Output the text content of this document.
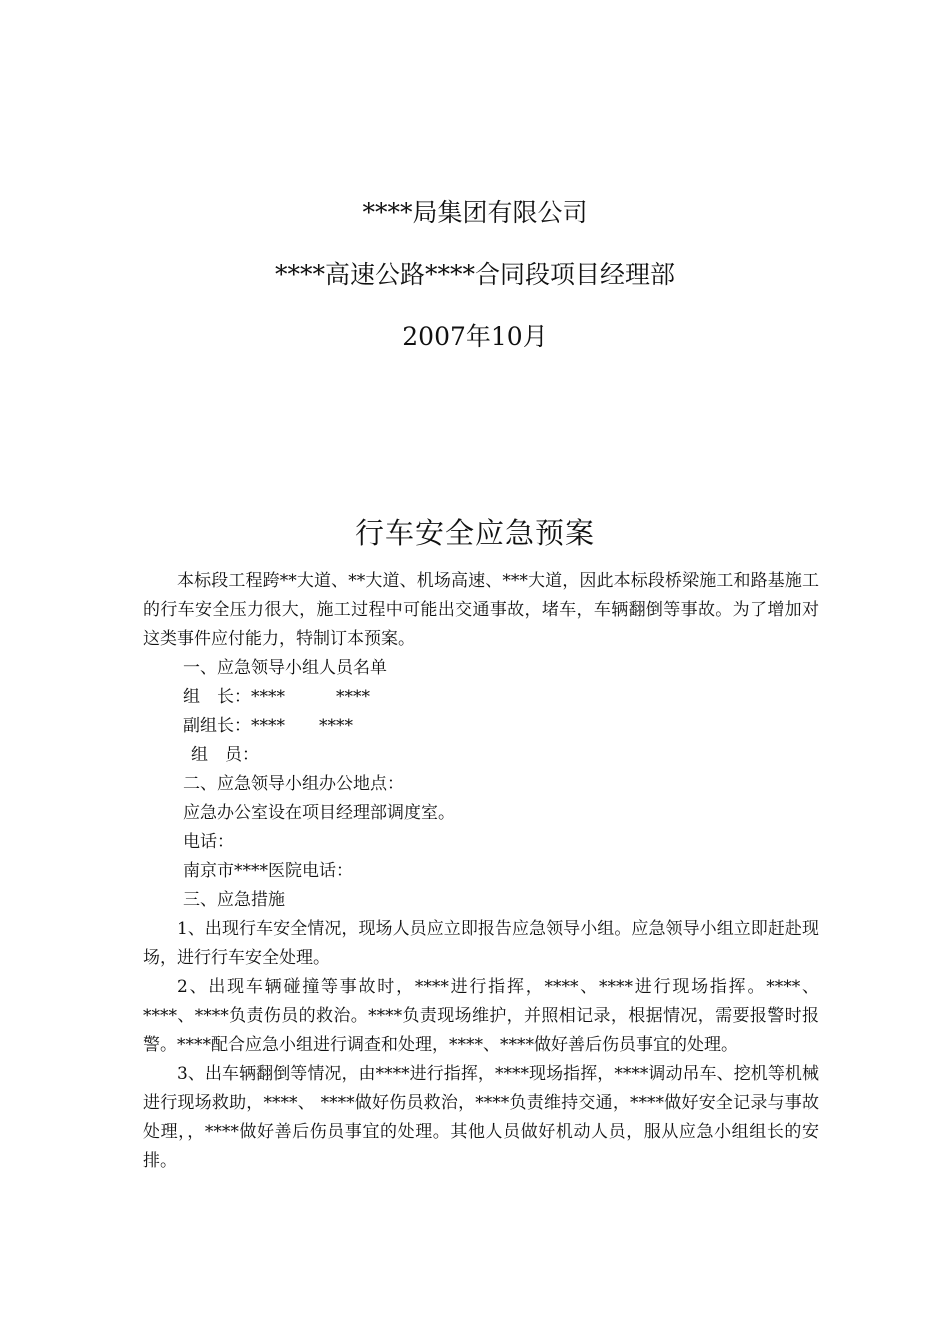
****局集团有限公司
****高速公路****合同段项目经理部
2007年10月
行车安全应急预案

本标段工程跨**大道、**大道、机场高速、***大道，因此本标段桥梁施工和路基施工的行车安全压力很大，施工过程中可能出交通事故，堵车，车辆翻倒等事故。为了增加对这类事件应付能力，特制订本预案。

一、应急领导小组人员名单

组　长：****　　　****

副组长：****　　****

组　员：

二、应急领导小组办公地点：

应急办公室设在项目经理部调度室。

电话：

南京市****医院电话：

三、应急措施

1、出现行车安全情况，现场人员应立即报告应急领导小组。应急领导小组立即赶赴现场，进行行车安全处理。

2、出现车辆碰撞等事故时，****进行指挥，****、****进行现场指挥。****、 ****、****负责伤员的救治。****负责现场维护，并照相记录，根据情况，需要报警时报警。****配合应急小组进行调查和处理，****、****做好善后伤员事宜的处理。

3、出车辆翻倒等情况，由****进行指挥，****现场指挥，****调动吊车、挖机等机械进行现场救助，****、 ****做好伤员救治，****负责维持交通，****做好安全记录与事故处理，，****做好善后伤员事宜的处理。其他人员做好机动人员，服从应急小组组长的安排。
